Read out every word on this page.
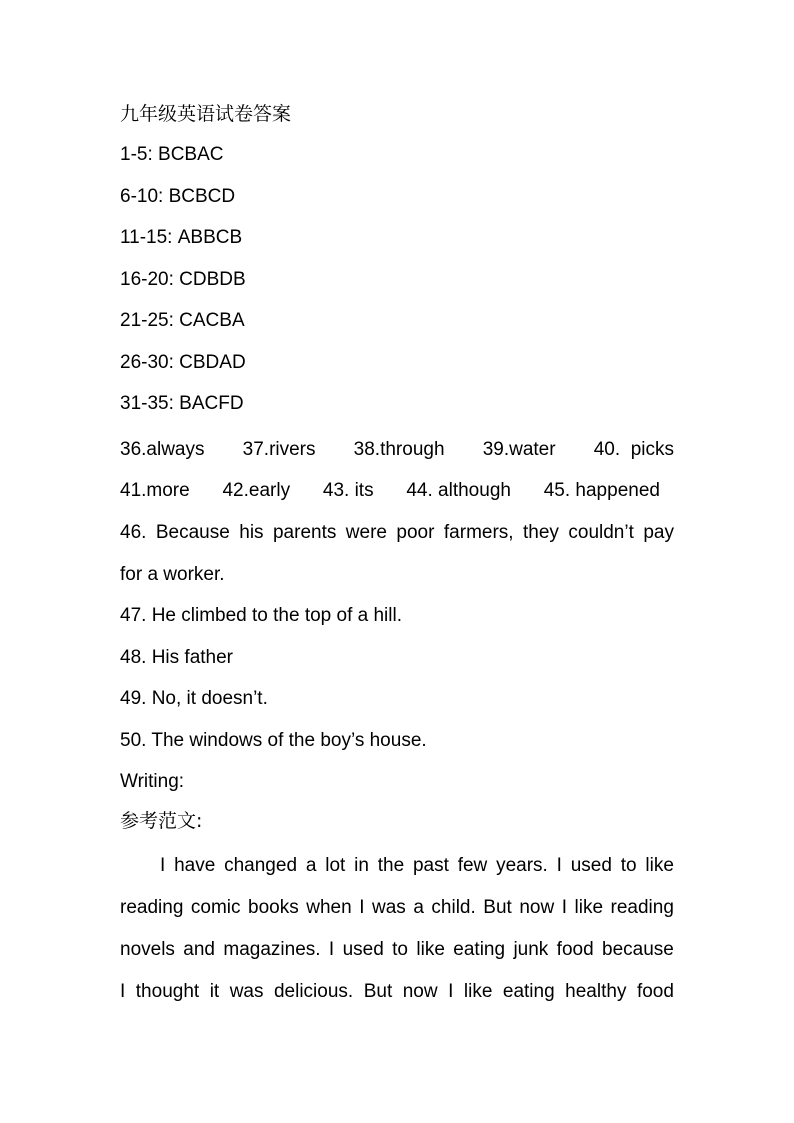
九年级英语试卷答案
1-5: BCBAC
6-10: BCBCD
11-15: ABBCB
16-20: CDBDB
21-25: CACBA
26-30: CBDAD
31-35: BACFD
36.always 37.rivers 38.through 39.water 40. picks
41.more 42.early 43. its 44. although 45. happened
46. Because his parents were poor farmers, they couldn’t pay
for a worker.
47. He climbed to the top of a hill.
48. His father
49. No, it doesn’t.
50. The windows of the boy’s house.
Writing:
参考范文:
I have changed a lot in the past few years. I used to like
reading comic books when I was a child. But now I like reading
novels and magazines. I used to like eating junk food because
I thought it was delicious. But now I like eating healthy food
